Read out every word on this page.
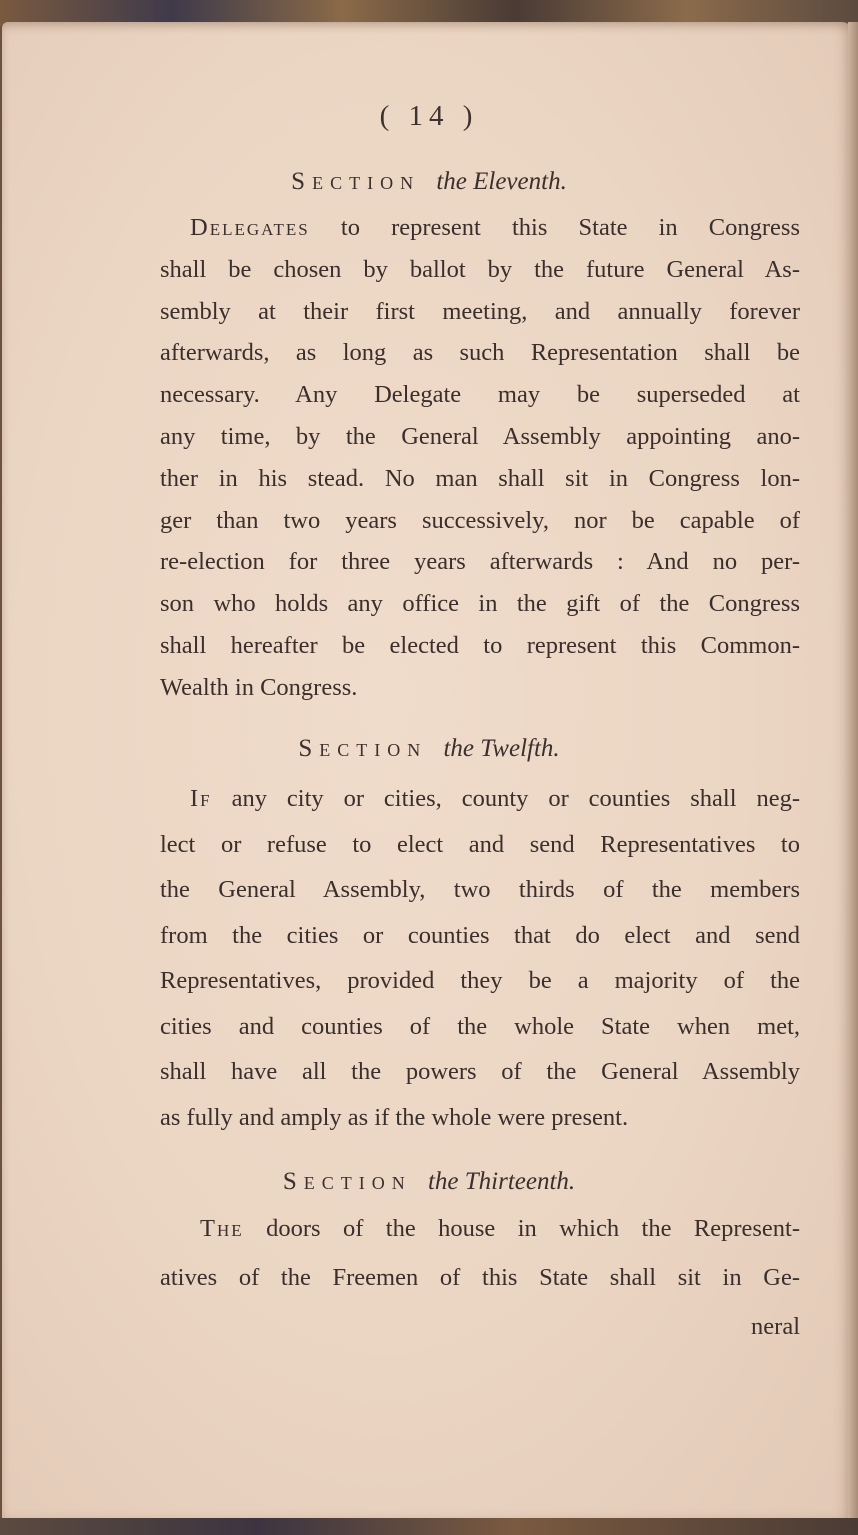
( 14 )
Section the Eleventh.
Delegates to represent this State in Congress
shall be chosen by ballot by the future General As-
sembly at their first meeting, and annually forever
afterwards, as long as such Representation shall be
necessary. Any Delegate may be superseded at
any time, by the General Assembly appointing ano-
ther in his stead. No man shall sit in Congress lon-
ger than two years successively, nor be capable of
re-election for three years afterwards : And no per-
son who holds any office in the gift of the Congress
shall hereafter be elected to represent this Common-
Wealth in Congress.
Section the Twelfth.
If any city or cities, county or counties shall neg-
lect or refuse to elect and send Representatives to
the General Assembly, two thirds of the members
from the cities or counties that do elect and send
Representatives, provided they be a majority of the
cities and counties of the whole State when met,
shall have all the powers of the General Assembly
as fully and amply as if the whole were present.
Section the Thirteenth.
The doors of the house in which the Represent-
atives of the Freemen of this State shall sit in Ge-
neral
